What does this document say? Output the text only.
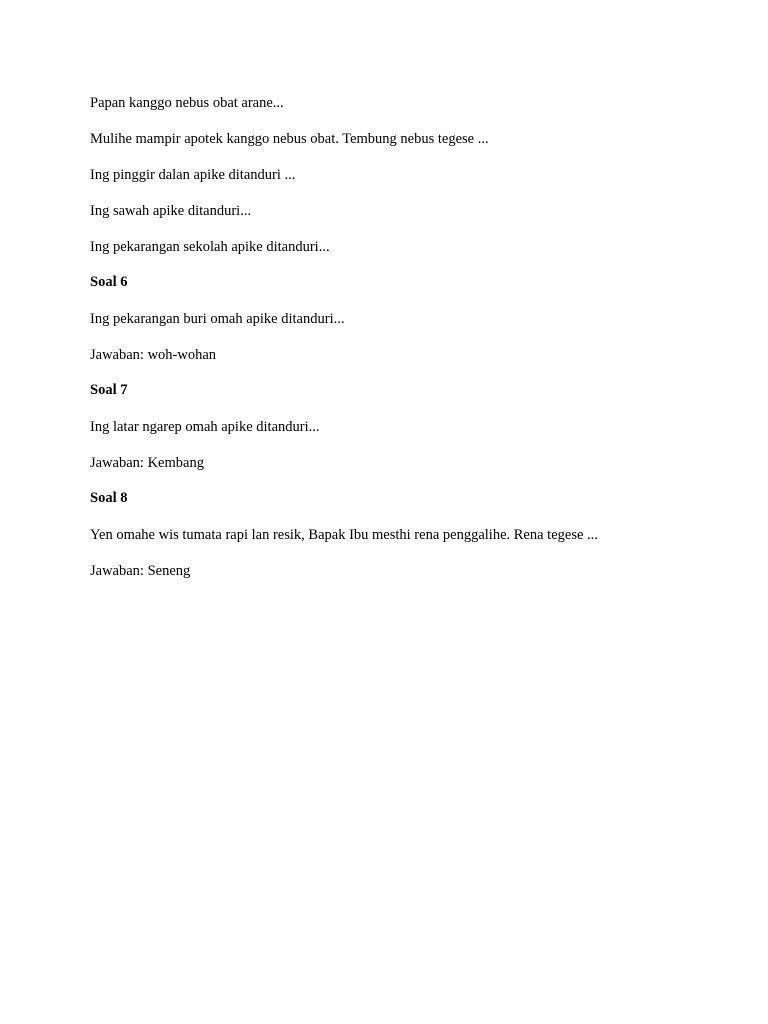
Papan kanggo nebus obat arane...

Mulihe mampir apotek kanggo nebus obat. Tembung nebus tegese ...

Ing pinggir dalan apike ditanduri ...

Ing sawah apike ditanduri...

Ing pekarangan sekolah apike ditanduri...

Soal 6

Ing pekarangan buri omah apike ditanduri...

Jawaban: woh-wohan

Soal 7

Ing latar ngarep omah apike ditanduri...

Jawaban: Kembang

Soal 8

Yen omahe wis tumata rapi lan resik, Bapak Ibu mesthi rena penggalihe. Rena tegese ...

Jawaban: Seneng
